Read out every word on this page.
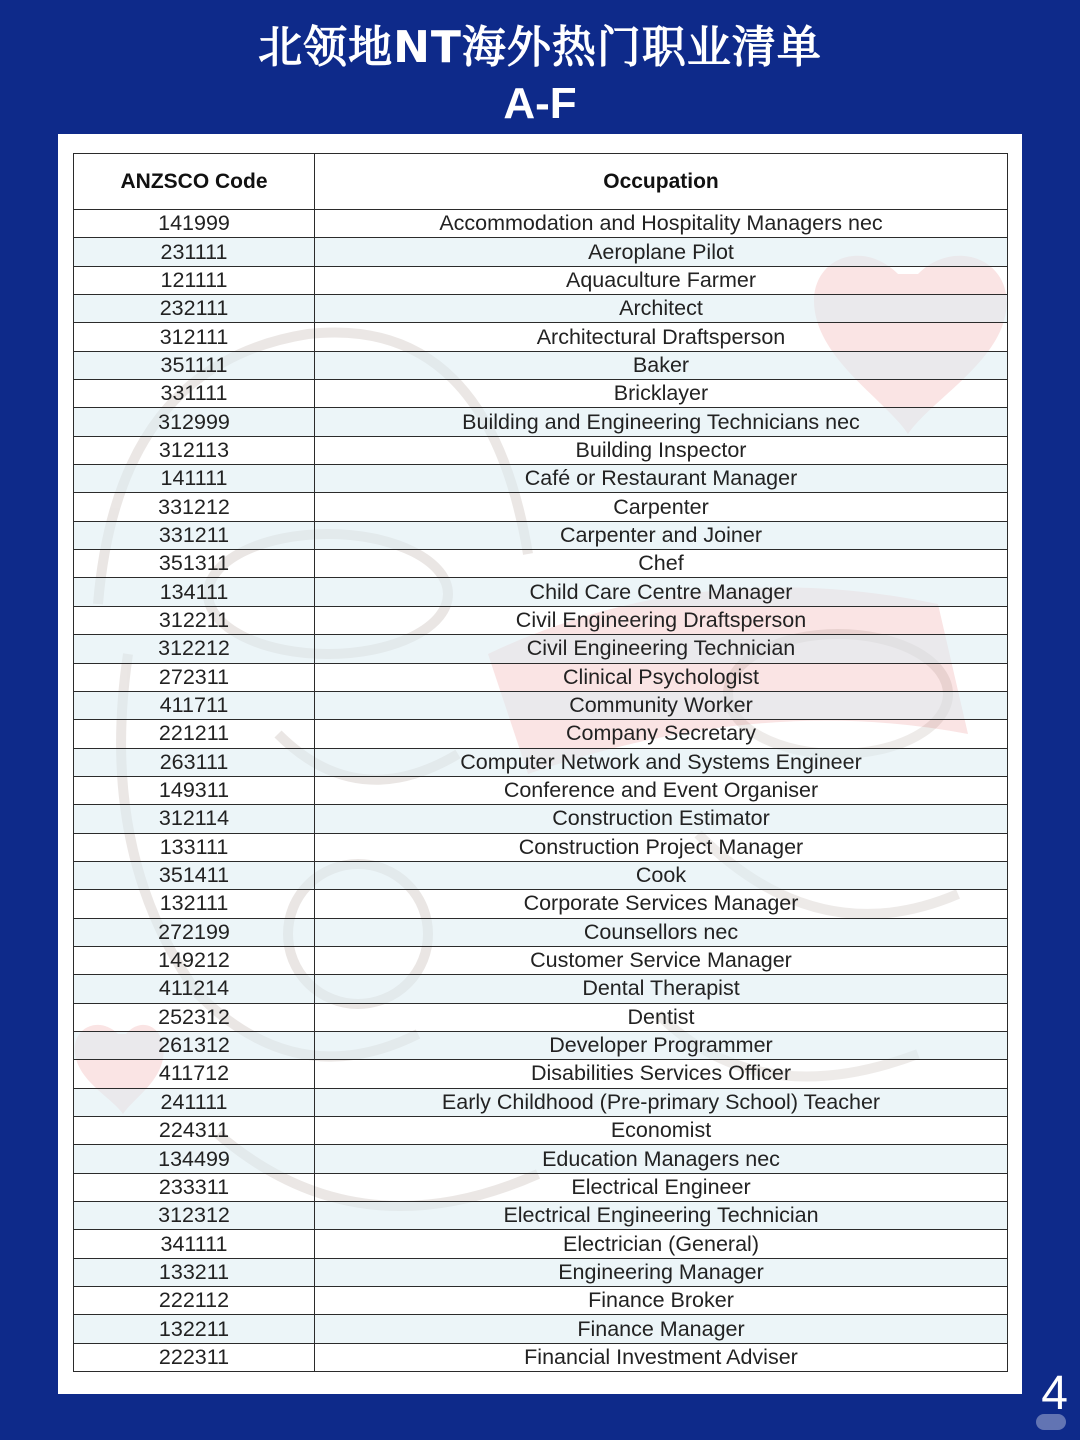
北领地NT海外热门职业清单
A-F
ANZSCO Code	Occupation
141999	Accommodation and Hospitality Managers nec
231111	Aeroplane Pilot
121111	Aquaculture Farmer
232111	Architect
312111	Architectural Draftsperson
351111	Baker
331111	Bricklayer
312999	Building and Engineering Technicians nec
312113	Building Inspector
141111	Café or Restaurant Manager
331212	Carpenter
331211	Carpenter and Joiner
351311	Chef
134111	Child Care Centre Manager
312211	Civil Engineering Draftsperson
312212	Civil Engineering Technician
272311	Clinical Psychologist
411711	Community Worker
221211	Company Secretary
263111	Computer Network and Systems Engineer
149311	Conference and Event Organiser
312114	Construction Estimator
133111	Construction Project Manager
351411	Cook
132111	Corporate Services Manager
272199	Counsellors nec
149212	Customer Service Manager
411214	Dental Therapist
252312	Dentist
261312	Developer Programmer
411712	Disabilities Services Officer
241111	Early Childhood (Pre-primary School) Teacher
224311	Economist
134499	Education Managers nec
233311	Electrical Engineer
312312	Electrical Engineering Technician
341111	Electrician (General)
133211	Engineering Manager
222112	Finance Broker
132211	Finance Manager
222311	Financial Investment Adviser
4
